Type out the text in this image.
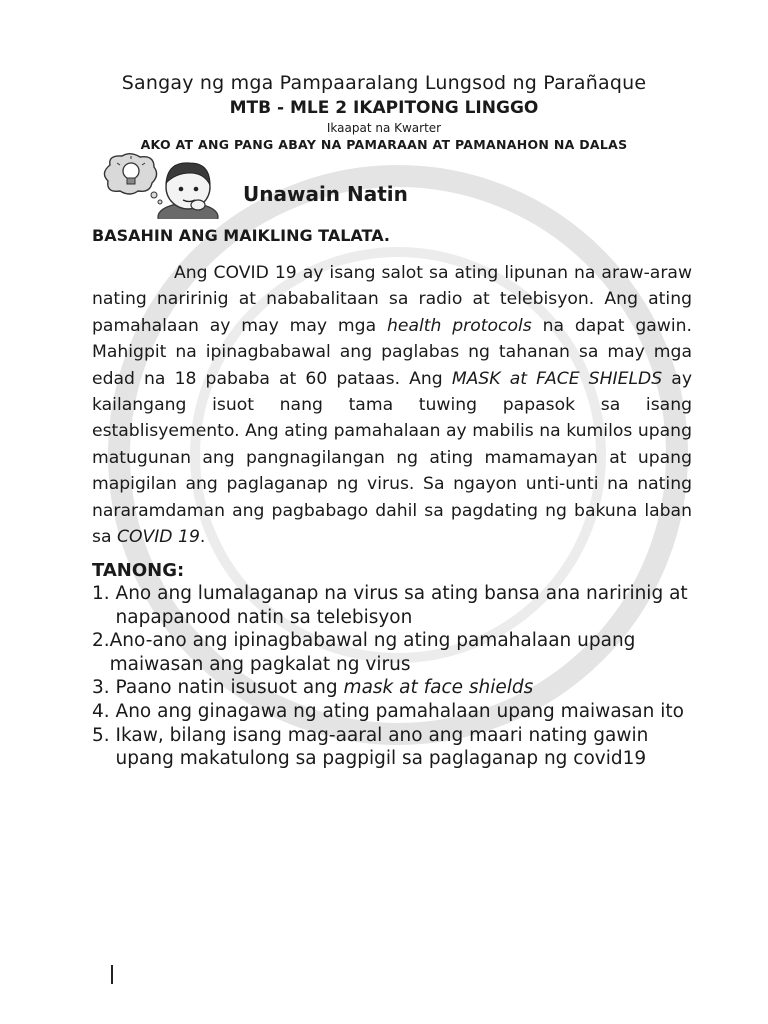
Sangay ng mga Pampaaralang Lungsod ng Parañaque
MTB - MLE 2 IKAPITONG LINGGO
Ikaapat na Kwarter
AKO AT ANG PANG ABAY NA PAMARAAN AT PAMANAHON NA DALAS
Unawain Natin
BASAHIN ANG MAIKLING TALATA.

Ang COVID 19 ay isang salot sa ating lipunan na araw-araw nating naririnig at nababalitaan sa radio at telebisyon. Ang ating pamahalaan ay may may mga health protocols na dapat gawin. Mahigpit na ipinagbabawal ang paglabas ng tahanan sa may mga edad na 18 pababa at 60 pataas. Ang MASK at FACE SHIELDS ay kailangang isuot nang tama tuwing papasok sa isang establisyemento. Ang ating pamahalaan ay mabilis na kumilos upang matugunan ang pangnagilangan ng ating mamamayan at upang mapigilan ang paglaganap ng virus. Sa ngayon unti-unti na nating nararamdaman ang pagbabago dahil sa pagdating ng bakuna laban sa COVID 19.

TANONG:
1. Ano ang lumalaganap na virus sa ating bansa ana naririnig at napapanood natin sa telebisyon
2. Ano-ano ang ipinagbabawal ng ating pamahalaan upang maiwasan ang pagkalat ng virus
3. Paano natin isusuot ang mask at face shields
4. Ano ang ginagawa ng ating pamahalaan upang maiwasan ito
5. Ikaw, bilang isang mag-aaral ano ang maari nating gawin upang makatulong sa pagpigil sa paglaganap ng covid19
